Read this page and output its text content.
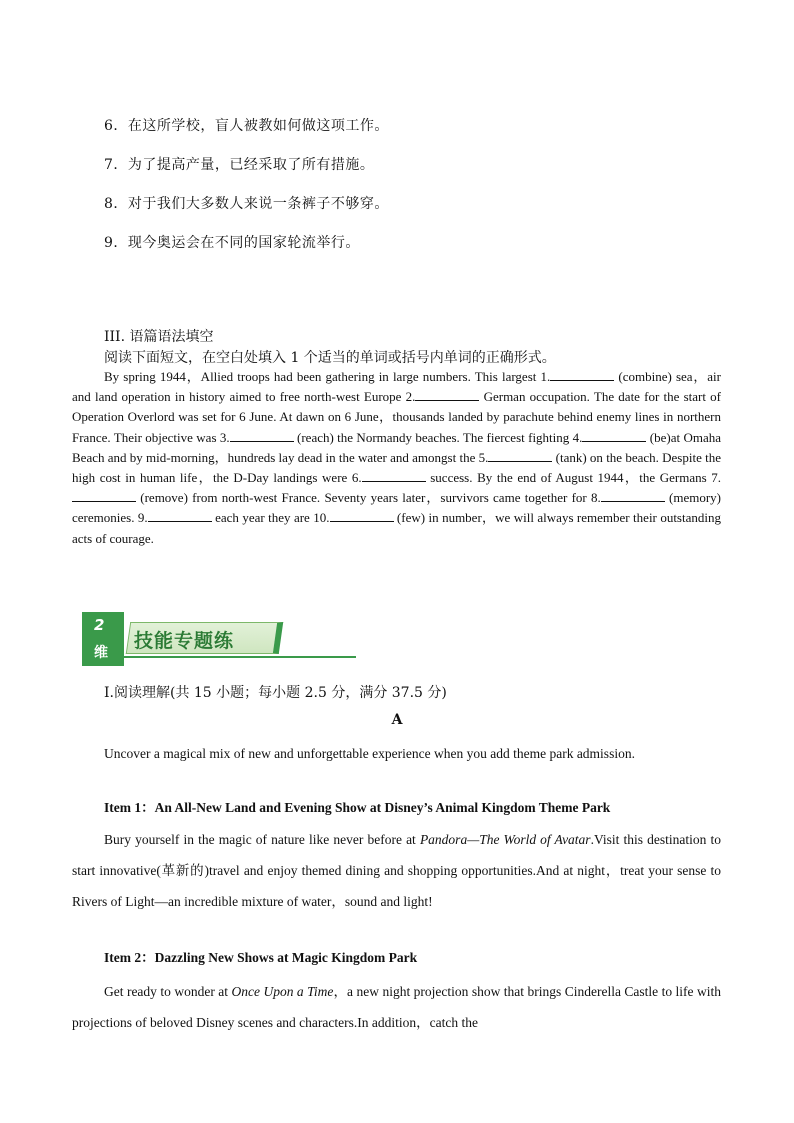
6．在这所学校，盲人被教如何做这项工作。
7．为了提高产量，已经采取了所有措施。
8．对于我们大多数人来说一条裤子不够穿。
9．现今奥运会在不同的国家轮流举行。
III. 语篇语法填空
阅读下面短文，在空白处填入 1 个适当的单词或括号内单词的正确形式。
By spring 1944，Allied troops had been gathering in large numbers. This largest 1.	(combine) sea，air and land operation in history aimed to free north-west Europe 2.	German occupation. The date for the start of Operation Overlord was set for 6 June. At dawn on 6 June，thousands landed by parachute behind enemy lines in northern France. Their objective was 3.	(reach) the Normandy beaches. The fiercest fighting 4.	(be)at Omaha Beach and by mid-morning，hundreds lay dead in the water and amongst the 5.	(tank) on the beach. Despite the high cost in human life，the D-Day landings were 6.	success. By the end of August 1944，the Germans 7. (remove) from north-west France. Seventy years later，survivors came together for 8.	(memory) ceremonies. 9.	each year they are 10.	(few) in number，we will always remember their outstanding acts of courage.
2
维
技能专题练
Ⅰ.阅读理解(共 15 小题；每小题 2.5 分，满分 37.5 分)
A
Uncover a magical mix of new and unforgettable experience when you add theme park admission.
Item 1：An All-New Land and Evening Show at Disney’s Animal Kingdom Theme Park
Bury yourself in the magic of nature like never before at Pandora—The World of Avatar.Visit this destination to start innovative(革新的)travel and enjoy themed dining and shopping opportunities.And at night，treat your sense to Rivers of Light—an incredible mixture of water，sound and light!
Item 2：Dazzling New Shows at Magic Kingdom Park
Get ready to wonder at Once Upon a Time，a new night projection show that brings Cinderella Castle to life with projections of beloved Disney scenes and characters.In addition，catch the
